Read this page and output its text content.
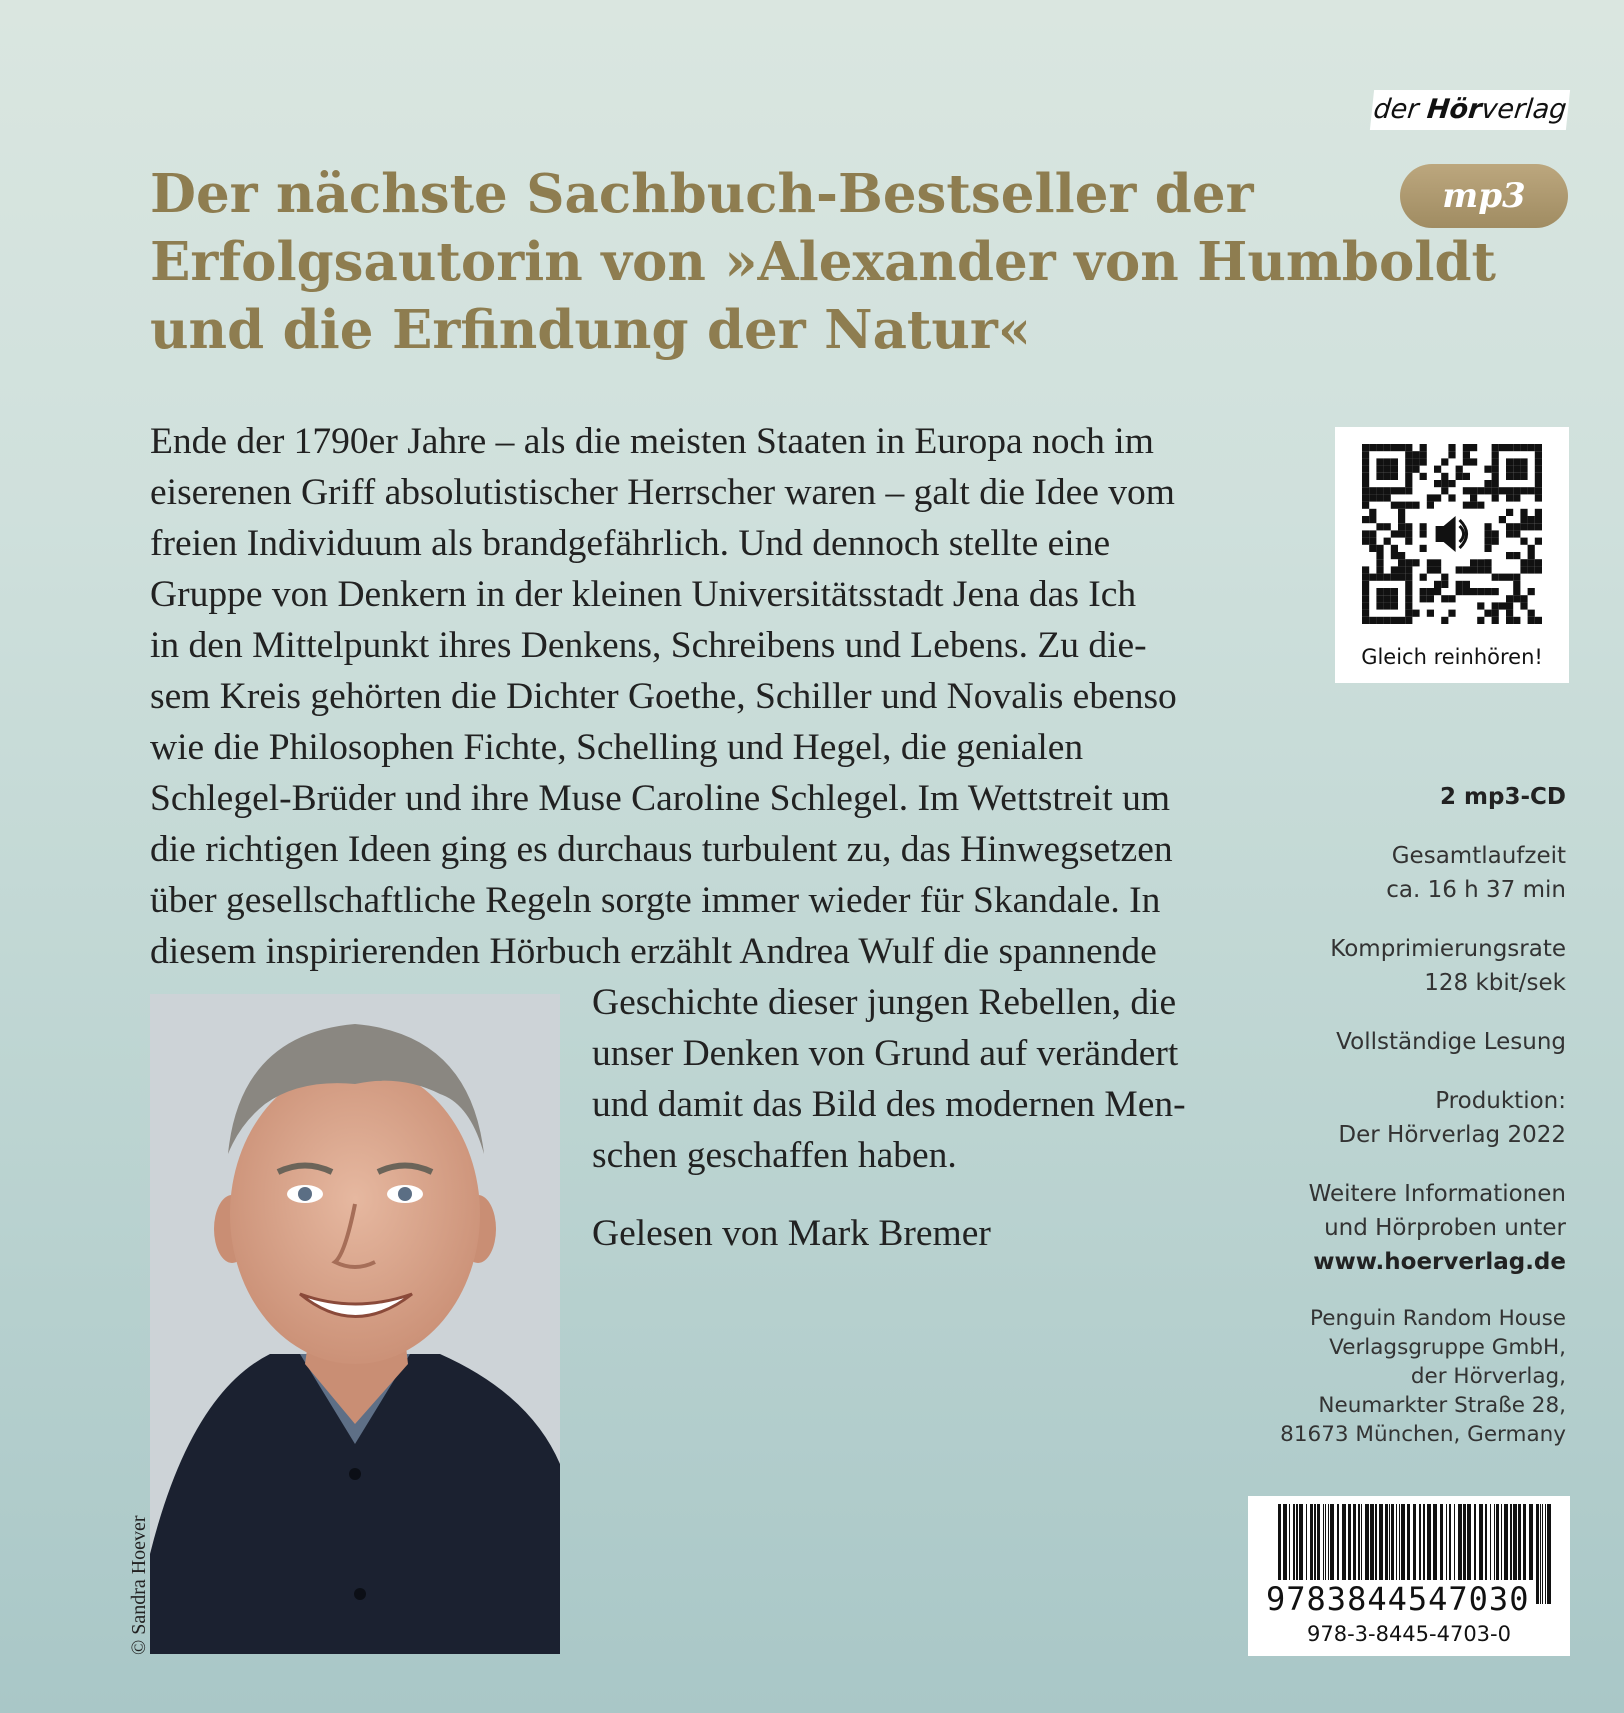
der Hörverlag
mp3
Der nächste Sachbuch-Bestseller der
Erfolgsautorin von »Alexander von Humboldt
und die Erfindung der Natur«
Ende der 1790er Jahre – als die meisten Staaten in Europa noch im
eiserenen Griff absolutistischer Herrscher waren – galt die Idee vom
freien Individuum als brandgefährlich. Und dennoch stellte eine
Gruppe von Denkern in der kleinen Universitätsstadt Jena das Ich
in den Mittelpunkt ihres Denkens, Schreibens und Lebens. Zu die-
sem Kreis gehörten die Dichter Goethe, Schiller und Novalis ebenso
wie die Philosophen Fichte, Schelling und Hegel, die genialen
Schlegel-Brüder und ihre Muse Caroline Schlegel. Im Wettstreit um
die richtigen Ideen ging es durchaus turbulent zu, das Hinwegsetzen
über gesellschaftliche Regeln sorgte immer wieder für Skandale. In
diesem inspirierenden Hörbuch erzählt Andrea Wulf die spannende
Geschichte dieser jungen Rebellen, die
unser Denken von Grund auf verändert
und damit das Bild des modernen Men-
schen geschaffen haben.
Gelesen von Mark Bremer
© Sandra Hoever
Gleich reinhören!
2 mp3-CD
Gesamtlaufzeit
ca. 16 h 37 min
Komprimierungsrate
128 kbit/sek
Vollständige Lesung
Produktion:
Der Hörverlag 2022
Weitere Informationen
und Hörproben unter
www.hoerverlag.de
Penguin Random House
Verlagsgruppe GmbH,
der Hörverlag,
Neumarkter Straße 28,
81673 München, Germany
9783844547030
978-3-8445-4703-0
